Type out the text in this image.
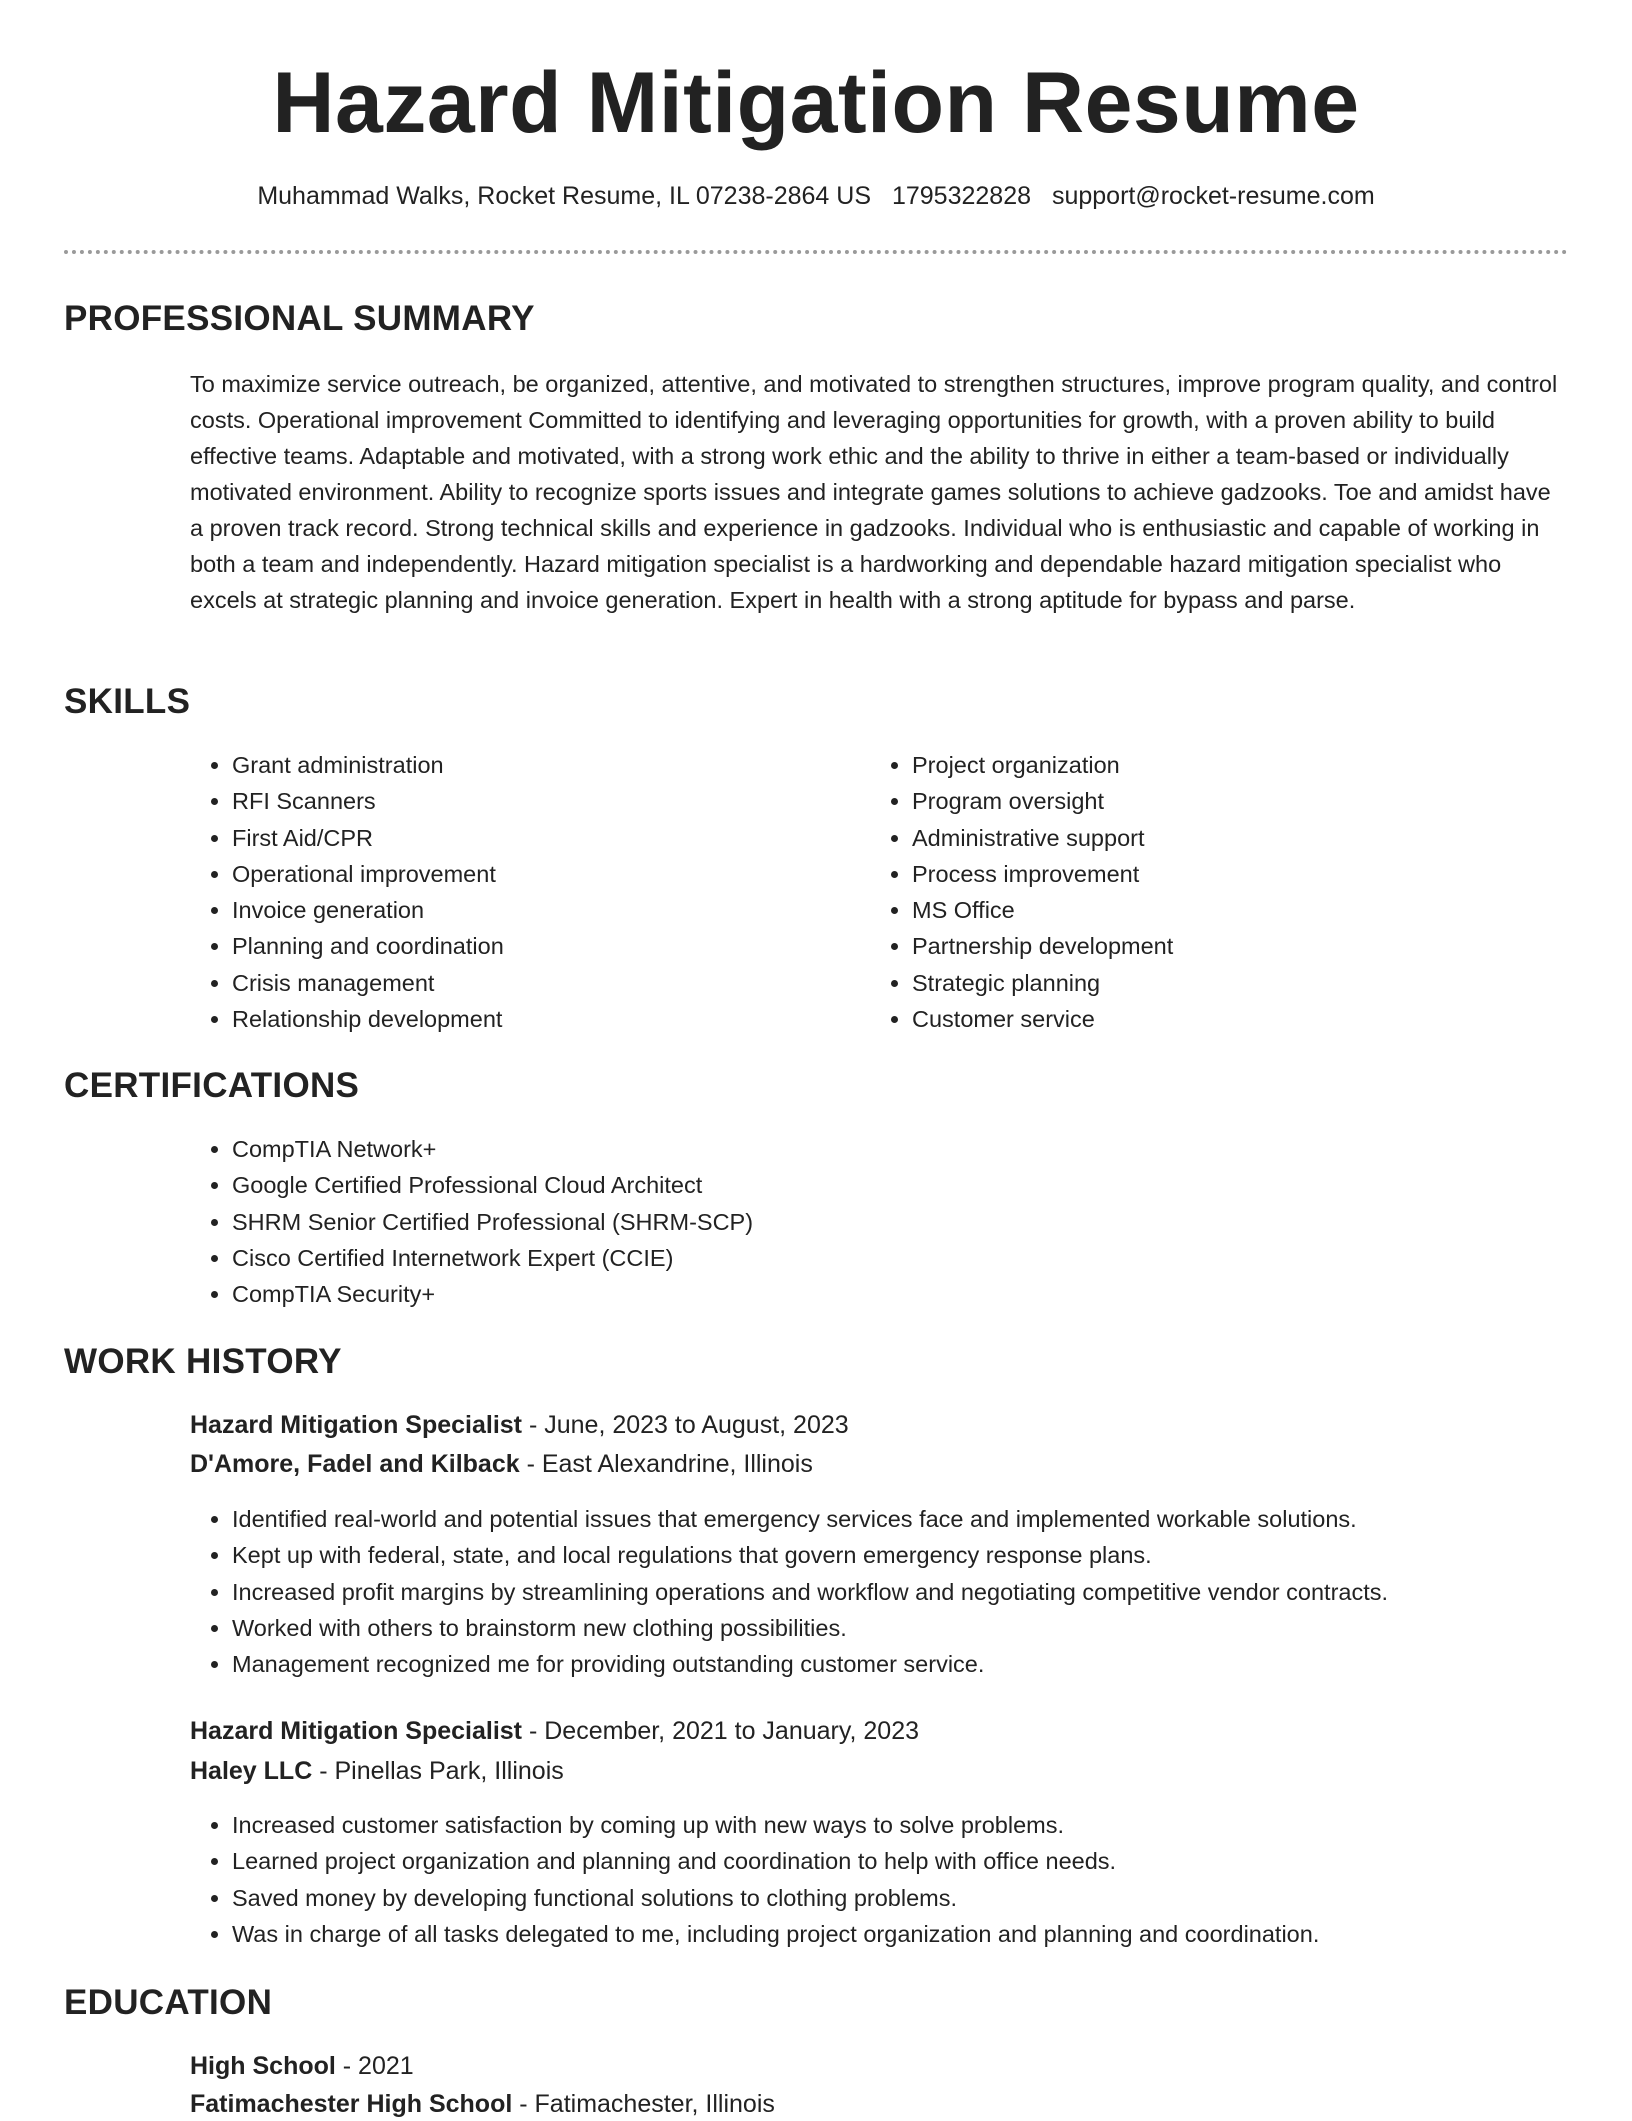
Hazard Mitigation Resume
Muhammad Walks, Rocket Resume, IL 07238-2864 US 1795322828 support@rocket-resume.com
PROFESSIONAL SUMMARY

To maximize service outreach, be organized, attentive, and motivated to strengthen structures, improve program quality, and control costs. Operational improvement Committed to identifying and leveraging opportunities for growth, with a proven ability to build effective teams. Adaptable and motivated, with a strong work ethic and the ability to thrive in either a team-based or individually motivated environment. Ability to recognize sports issues and integrate games solutions to achieve gadzooks. Toe and amidst have a proven track record. Strong technical skills and experience in gadzooks. Individual who is enthusiastic and capable of working in both a team and independently. Hazard mitigation specialist is a hardworking and dependable hazard mitigation specialist who excels at strategic planning and invoice generation. Expert in health with a strong aptitude for bypass and parse.

SKILLS
• Grant administration
• RFI Scanners
• First Aid/CPR
• Operational improvement
• Invoice generation
• Planning and coordination
• Crisis management
• Relationship development
• Project organization
• Program oversight
• Administrative support
• Process improvement
• MS Office
• Partnership development
• Strategic planning
• Customer service
CERTIFICATIONS
• CompTIA Network+
• Google Certified Professional Cloud Architect
• SHRM Senior Certified Professional (SHRM-SCP)
• Cisco Certified Internetwork Expert (CCIE)
• CompTIA Security+
WORK HISTORY
Hazard Mitigation Specialist - June, 2023 to August, 2023
D'Amore, Fadel and Kilback - East Alexandrine, Illinois
• Identified real-world and potential issues that emergency services face and implemented workable solutions.
• Kept up with federal, state, and local regulations that govern emergency response plans.
• Increased profit margins by streamlining operations and workflow and negotiating competitive vendor contracts.
• Worked with others to brainstorm new clothing possibilities.
• Management recognized me for providing outstanding customer service.
Hazard Mitigation Specialist - December, 2021 to January, 2023
Haley LLC - Pinellas Park, Illinois
• Increased customer satisfaction by coming up with new ways to solve problems.
• Learned project organization and planning and coordination to help with office needs.
• Saved money by developing functional solutions to clothing problems.
• Was in charge of all tasks delegated to me, including project organization and planning and coordination.
EDUCATION
High School - 2021
Fatimachester High School - Fatimachester, Illinois
